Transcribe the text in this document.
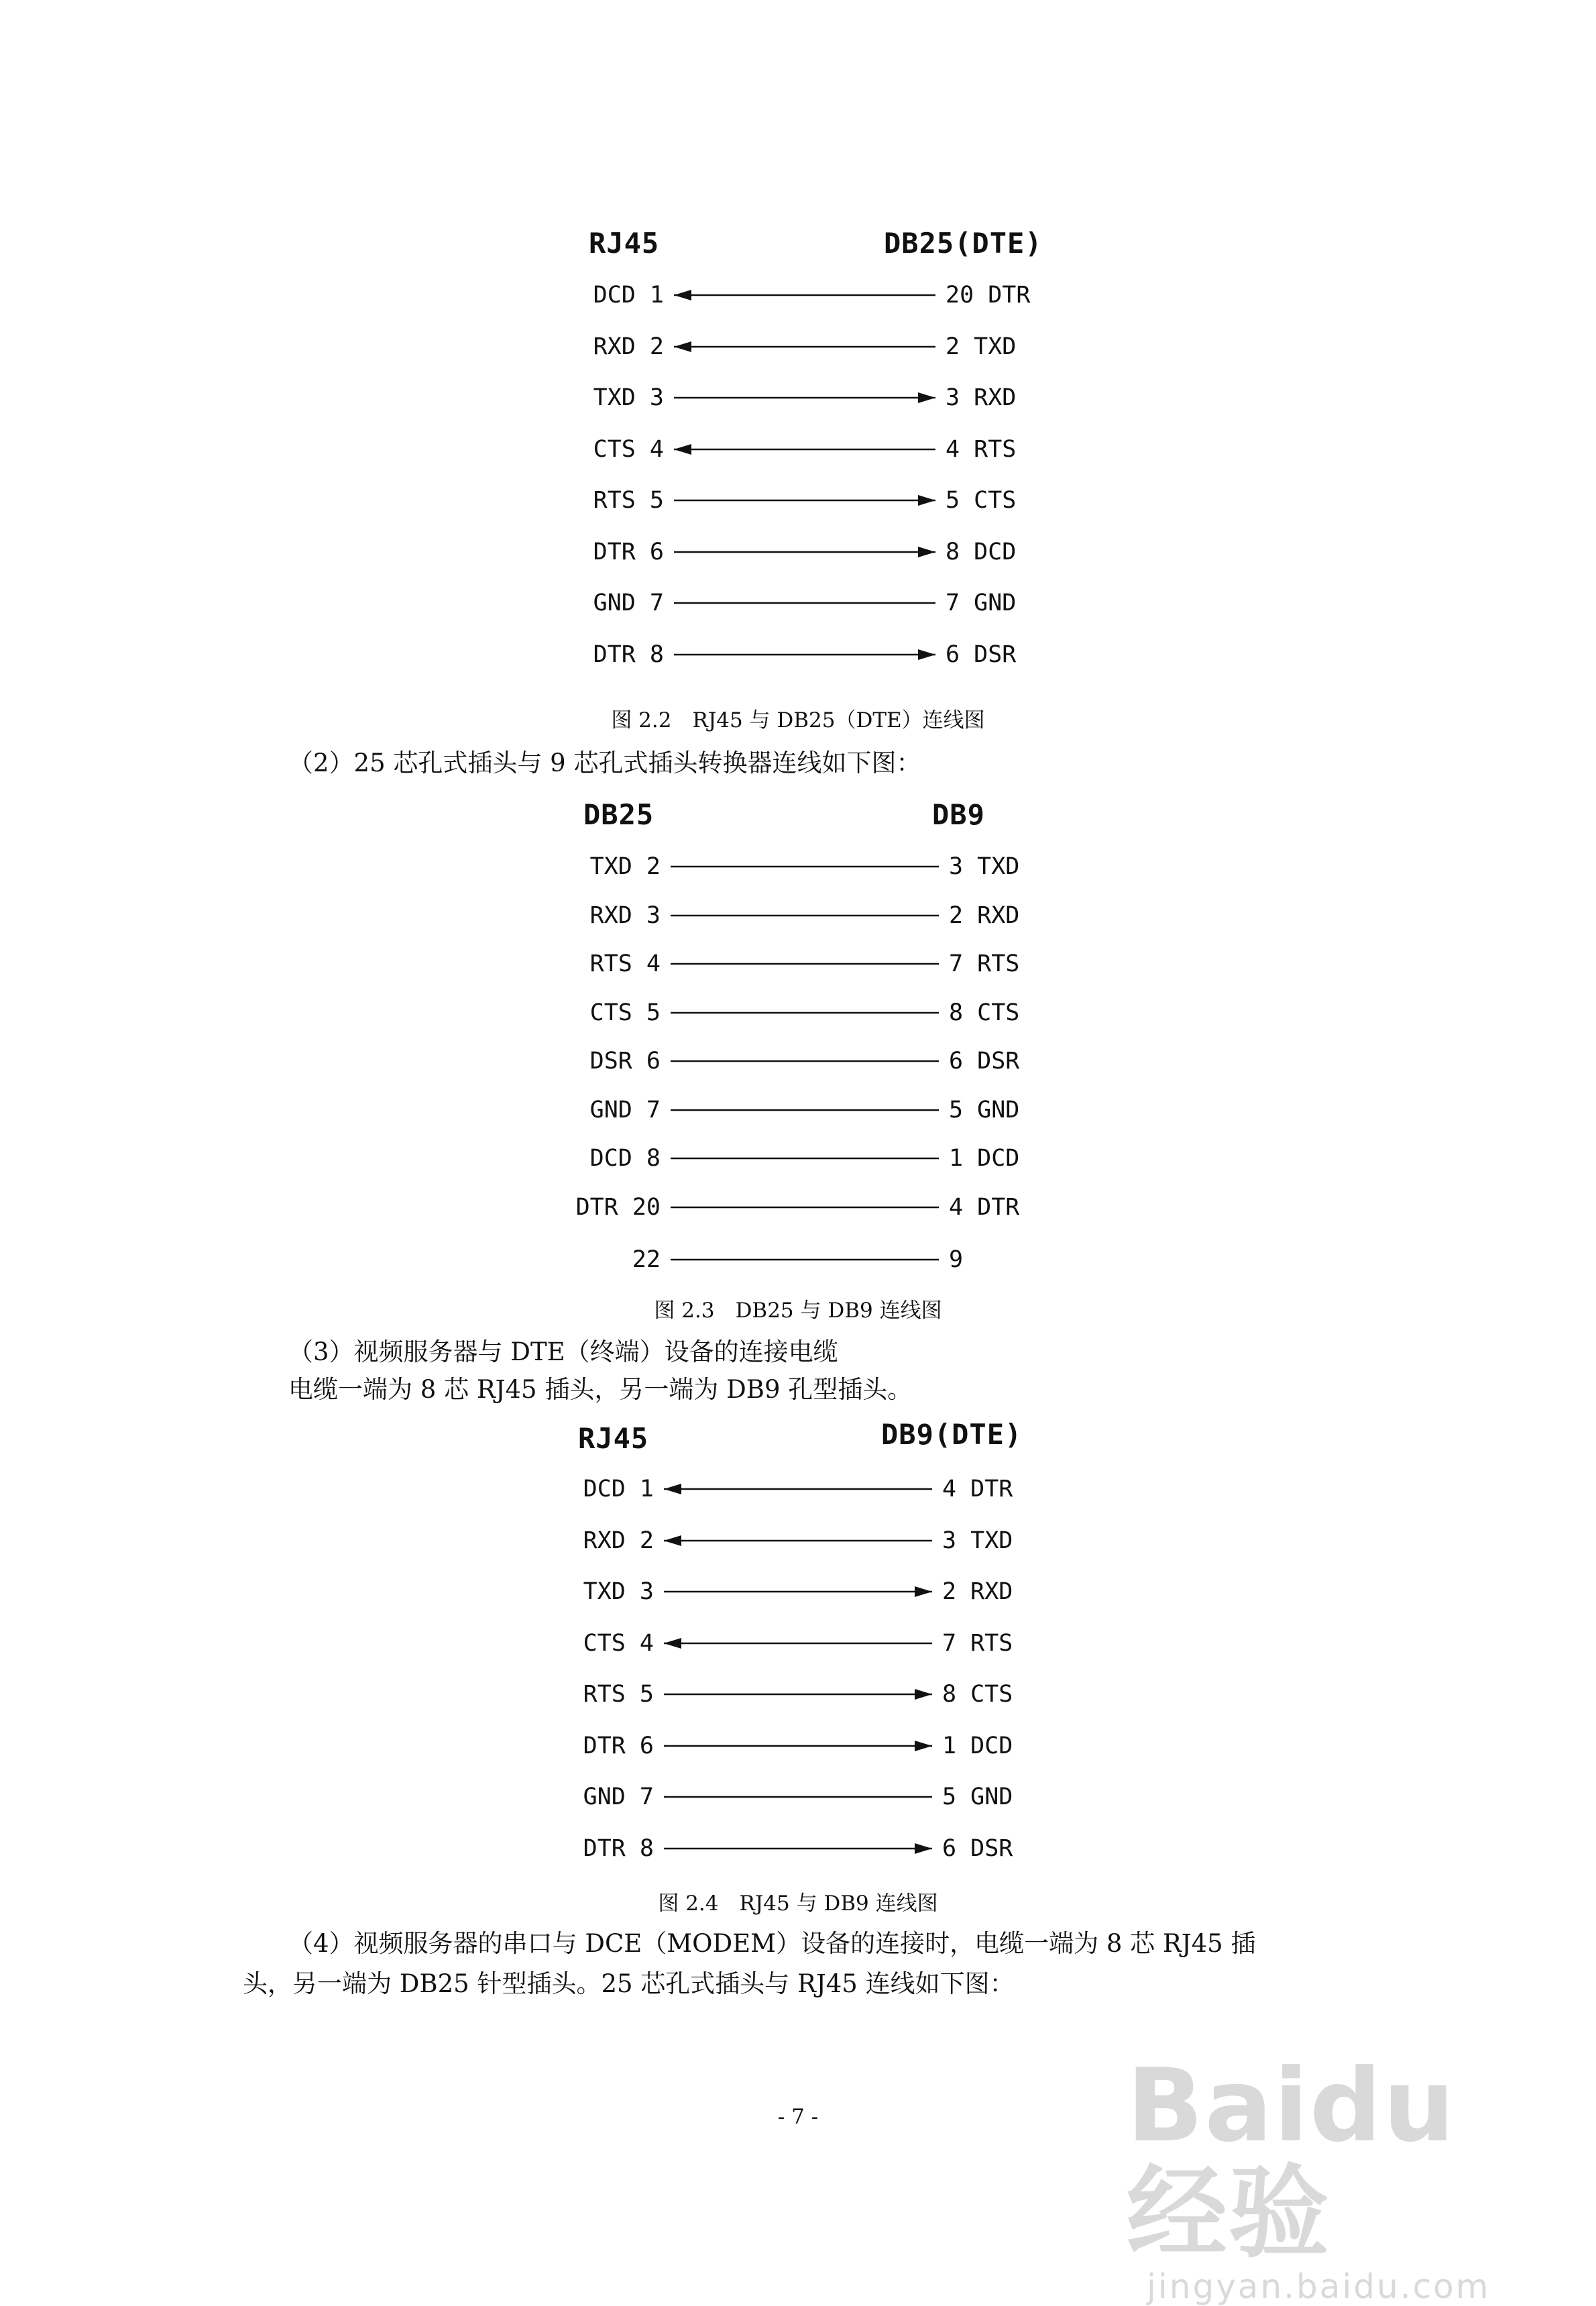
RJ45	DB25(DTE)
DCD 1	20 DTR
RXD 2	2 TXD
TXD 3	3 RXD
CTS 4	4 RTS
RTS 5	5 CTS
DTR 6	8 DCD
GND 7	7 GND
DTR 8	6 DSR
图 2.2　RJ45 与 DB25（DTE）连线图
（2）25 芯孔式插头与 9 芯孔式插头转换器连线如下图：
DB25	DB9
TXD 2	3 TXD
RXD 3	2 RXD
RTS 4	7 RTS
CTS 5	8 CTS
DSR 6	6 DSR
GND 7	5 GND
DCD 8	1 DCD
DTR 20	4 DTR
22	9
图 2.3　DB25 与 DB9 连线图
（3）视频服务器与 DTE（终端）设备的连接电缆
电缆一端为 8 芯 RJ45 插头，另一端为 DB9 孔型插头。
RJ45	DB9(DTE)
DCD 1	4 DTR
RXD 2	3 TXD
TXD 3	2 RXD
CTS 4	7 RTS
RTS 5	8 CTS
DTR 6	1 DCD
GND 7	5 GND
DTR 8	6 DSR
图 2.4　RJ45 与 DB9 连线图
（4）视频服务器的串口与 DCE（MODEM）设备的连接时，电缆一端为 8 芯 RJ45 插
头，另一端为 DB25 针型插头。25 芯孔式插头与 RJ45 连线如下图：
- 7 -	Baidu经验
jingyan.baidu.com
